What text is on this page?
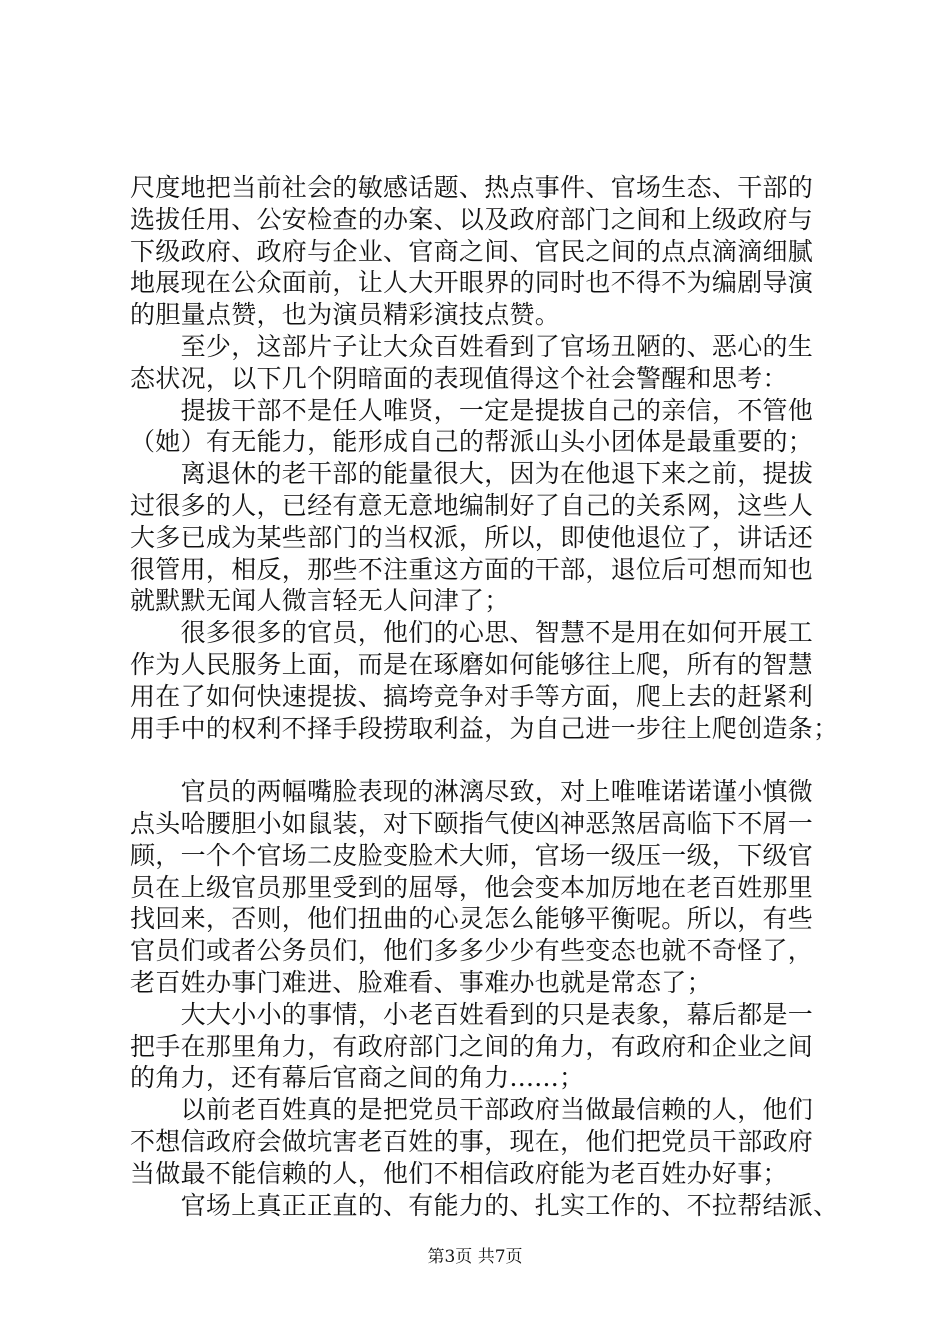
尺度地把当前社会的敏感话题、热点事件、官场生态、干部的
选拔任用、公安检查的办案、以及政府部门之间和上级政府与
下级政府、政府与企业、官商之间、官民之间的点点滴滴细腻
地展现在公众面前，让人大开眼界的同时也不得不为编剧导演
的胆量点赞，也为演员精彩演技点赞。
　　至少，这部片子让大众百姓看到了官场丑陋的、恶心的生
态状况，以下几个阴暗面的表现值得这个社会警醒和思考：
　　提拔干部不是任人唯贤，一定是提拔自己的亲信，不管他
（她）有无能力，能形成自己的帮派山头小团体是最重要的；
　　离退休的老干部的能量很大，因为在他退下来之前，提拔
过很多的人，已经有意无意地编制好了自己的关系网，这些人
大多已成为某些部门的当权派，所以，即使他退位了，讲话还
很管用，相反，那些不注重这方面的干部，退位后可想而知也
就默默无闻人微言轻无人问津了；
　　很多很多的官员，他们的心思、智慧不是用在如何开展工
作为人民服务上面，而是在琢磨如何能够往上爬，所有的智慧
用在了如何快速提拔、搞垮竞争对手等方面，爬上去的赶紧利
用手中的权利不择手段捞取利益，为自己进一步往上爬创造条；
　　官员的两幅嘴脸表现的淋漓尽致，对上唯唯诺诺谨小慎微
点头哈腰胆小如鼠装，对下颐指气使凶神恶煞居高临下不屑一
顾，一个个官场二皮脸变脸术大师，官场一级压一级，下级官
员在上级官员那里受到的屈辱，他会变本加厉地在老百姓那里
找回来，否则，他们扭曲的心灵怎么能够平衡呢。所以，有些
官员们或者公务员们，他们多多少少有些变态也就不奇怪了，
老百姓办事门难进、脸难看、事难办也就是常态了；
　　大大小小的事情，小老百姓看到的只是表象，幕后都是一
把手在那里角力，有政府部门之间的角力，有政府和企业之间
的角力，还有幕后官商之间的角力......；
　　以前老百姓真的是把党员干部政府当做最信赖的人，他们
不想信政府会做坑害老百姓的事，现在，他们把党员干部政府
当做最不能信赖的人，他们不相信政府能为老百姓办好事；
　　官场上真正正直的、有能力的、扎实工作的、不拉帮结派、
第3页 共7页
